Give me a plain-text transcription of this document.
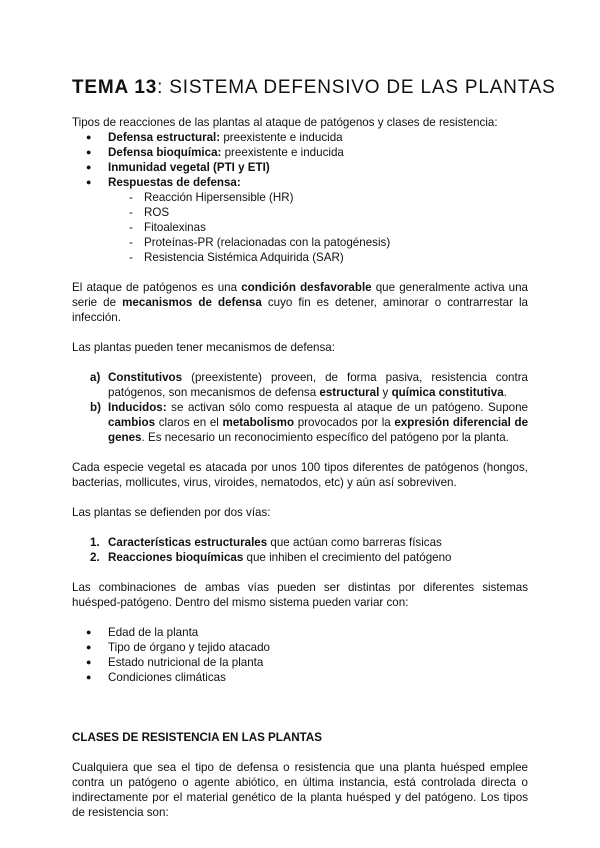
TEMA 13: SISTEMA DEFENSIVO DE LAS PLANTAS

Tipos de reacciones de las plantas al ataque de patógenos y clases de resistencia:

● Defensa estructural: preexistente e inducida
● Defensa bioquímica: preexistente e inducida
● Inmunidad vegetal (PTI y ETI)
● Respuestas de defensa:
- Reacción Hipersensible (HR)
- ROS
- Fitoalexinas
- Proteínas-PR (relacionadas con la patogénesis)
- Resistencia Sistémica Adquirida (SAR)

El ataque de patógenos es una condición desfavorable que generalmente activa una serie de mecanismos de defensa cuyo fin es detener, aminorar o contrarrestar la infección.

Las plantas pueden tener mecanismos de defensa:

a) Constitutivos (preexistente) proveen, de forma pasiva, resistencia contra patógenos, son mecanismos de defensa estructural y química constitutiva.
b) Inducidos: se activan sólo como respuesta al ataque de un patógeno. Supone cambios claros en el metabolismo provocados por la expresión diferencial de genes. Es necesario un reconocimiento específico del patógeno por la planta.

Cada especie vegetal es atacada por unos 100 tipos diferentes de patógenos (hongos, bacterias, mollicutes, virus, viroides, nematodos, etc) y aún así sobreviven.

Las plantas se defienden por dos vías:

1. Características estructurales que actúan como barreras físicas
2. Reacciones bioquímicas que inhiben el crecimiento del patógeno

Las combinaciones de ambas vías pueden ser distintas por diferentes sistemas huésped-patógeno. Dentro del mismo sistema pueden variar con:

● Edad de la planta
● Tipo de órgano y tejido atacado
● Estado nutricional de la planta
● Condiciones climáticas

CLASES DE RESISTENCIA EN LAS PLANTAS

Cualquiera que sea el tipo de defensa o resistencia que una planta huésped emplee contra un patógeno o agente abiótico, en última instancia, está controlada directa o indirectamente por el material genético de la planta huésped y del patógeno. Los tipos de resistencia son:
